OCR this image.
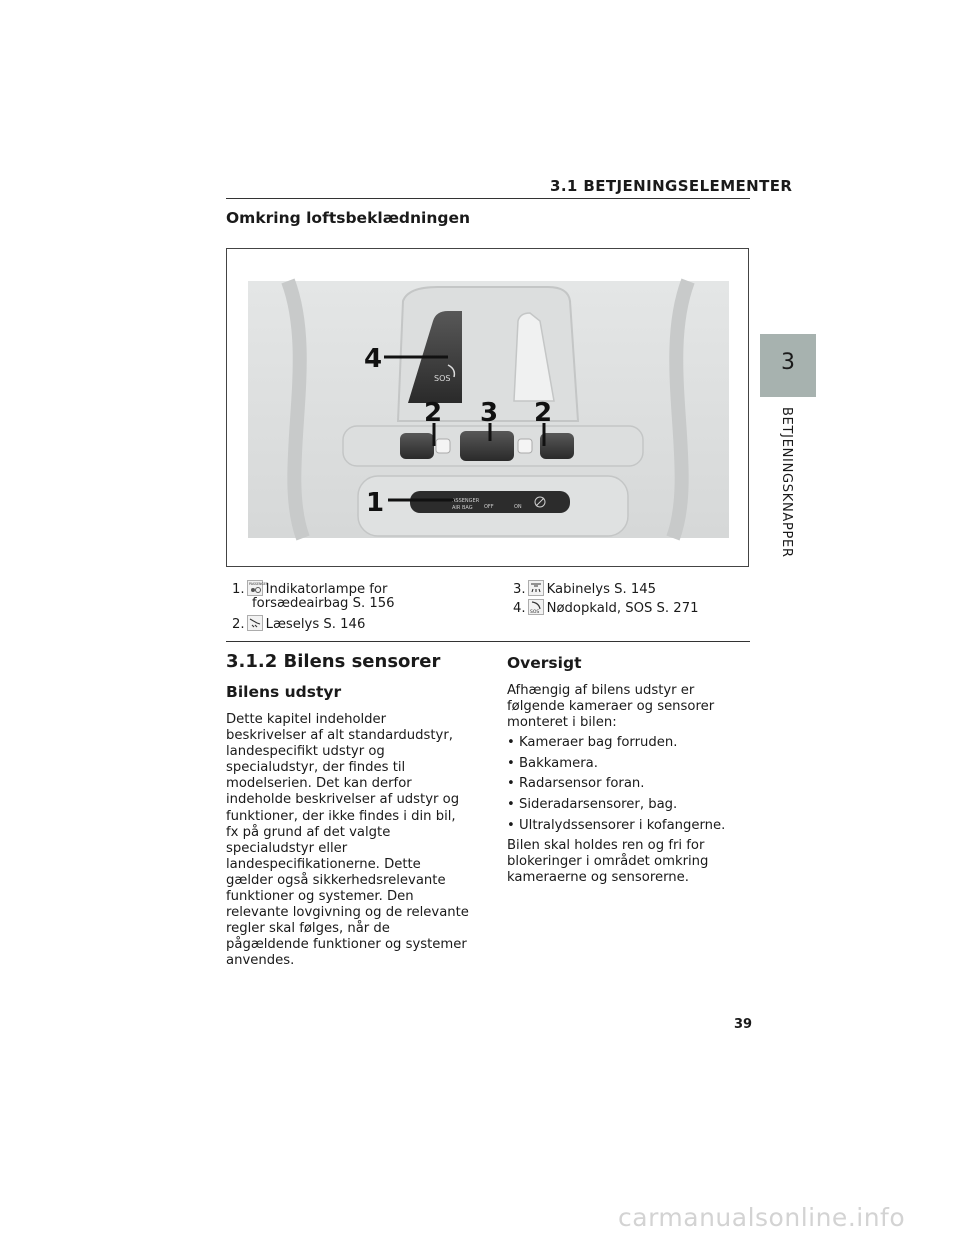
3.1 BETJENINGSELEMENTER
Omkring loftsbeklædningen
SOS
ASSENGER
AIR BAG OFF	ON
4
2 3 2
1
1. PASSENGER
Indikatorlampe for
forsædeairbag S. 156
2. Læselys S. 146
3. Kabinelys S. 145
4. SOS Nødopkald, SOS S. 271
3.1.2 Bilens sensorer
Bilens udstyr
Dette kapitel indeholder beskrivelser af alt standardudstyr, landespecifikt udstyr og specialudstyr, der findes til modelserien. Det kan derfor indeholde beskrivelser af udstyr og funktioner, der ikke findes i din bil, fx på grund af det valgte specialudstyr eller landespecifikationerne. Dette gælder også sikkerhedsrelevante funktioner og systemer. Den relevante lovgivning og de relevante regler skal følges, når de pågældende funktioner og systemer anvendes.
Oversigt
Afhængig af bilens udstyr er følgende kameraer og sensorer monteret i bilen:
• Kameraer bag forruden.
• Bakkamera.
• Radarsensor foran.
• Sideradarsensorer, bag.
• Ultralydssensorer i kofangerne.
Bilen skal holdes ren og fri for blokeringer i området omkring kameraerne og sensorerne.
3
BETJENINGSKNAPPER
39
carmanualsonline.info
